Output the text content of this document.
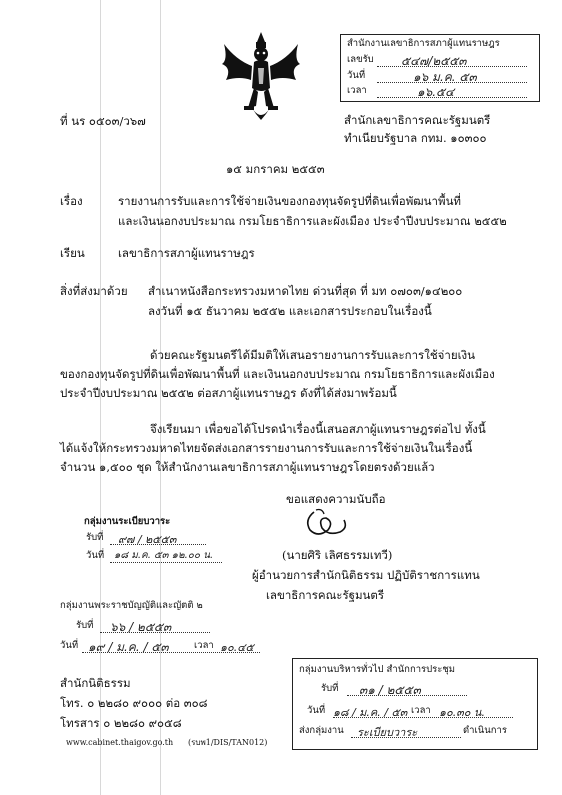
สำนักงานเลขาธิการสภาผู้แทนราษฎร
เลขรับ ๕๔๗/๒๕๕๓
วันที่	๑๖ ม.ค. ๕๓
เวลา	๑๖.๕๔
ที่ นร ๐๕๐๓/ว๖๗	สำนักเลขาธิการคณะรัฐมนตรี
ทำเนียบรัฐบาล กทม. ๑๐๓๐๐
๑๕ มกราคม ๒๕๕๓
เรื่อง	รายงานการรับและการใช้จ่ายเงินของกองทุนจัดรูปที่ดินเพื่อพัฒนาพื้นที่
และเงินนอกงบประมาณ กรมโยธาธิการและผังเมือง ประจำปีงบประมาณ ๒๕๕๒
เรียน	เลขาธิการสภาผู้แทนราษฎร
สิ่งที่ส่งมาด้วย สำเนาหนังสือกระทรวงมหาดไทย ด่วนที่สุด ที่ มท ๐๗๐๓/๑๔๒๐๐
ลงวันที่ ๑๕ ธันวาคม ๒๕๕๒ และเอกสารประกอบในเรื่องนี้
ด้วยคณะรัฐมนตรีได้มีมติให้เสนอรายงานการรับและการใช้จ่ายเงิน
ของกองทุนจัดรูปที่ดินเพื่อพัฒนาพื้นที่ และเงินนอกงบประมาณ กรมโยธาธิการและผังเมือง
ประจำปีงบประมาณ ๒๕๕๒ ต่อสภาผู้แทนราษฎร ดังที่ได้ส่งมาพร้อมนี้
จึงเรียนมา เพื่อขอได้โปรดนำเรื่องนี้เสนอสภาผู้แทนราษฎรต่อไป ทั้งนี้
ได้แจ้งให้กระทรวงมหาดไทยจัดส่งเอกสารรายงานการรับและการใช้จ่ายเงินในเรื่องนี้
จำนวน ๑,๕๐๐ ชุด ให้สำนักงานเลขาธิการสภาผู้แทนราษฎรโดยตรงด้วยแล้ว
ขอแสดงความนับถือ
(นายศิริ เลิศธรรมเทวี)
ผู้อำนวยการสำนักนิติธรรม ปฏิบัติราชการแทน
เลขาธิการคณะรัฐมนตรี
กลุ่มงานระเบียบวาระ
รับที่ ๙๗ / ๒๕๕๓
วันที่ ๑๘ ม.ค. ๕๓ ๑๒.๐๐ น.
กลุ่มงานพระราชบัญญัติและญัตติ ๒
รับที่ ๖๖ / ๒๕๕๓
วันที่ ๑๙ / ม.ค. / ๕๓	เวลา ๑๐.๔๕
สำนักนิติธรรม
โทร. ๐ ๒๒๘๐ ๙๐๐๐ ต่อ ๓๐๘
โทรสาร ๐ ๒๒๘๐ ๙๐๕๘
www.cabinet.thaigov.go.th (รบพ1/DIS/TAN012)
กลุ่มงานบริหารทั่วไป สำนักการประชุม
รับที่ ๓๑ / ๒๕๕๓
วันที่ ๑๘ / ม.ค. / ๕๓ เวลา ๑๐.๓๐ น.
ส่งกลุ่มงาน ระเบียบวาระ	ดำเนินการ
